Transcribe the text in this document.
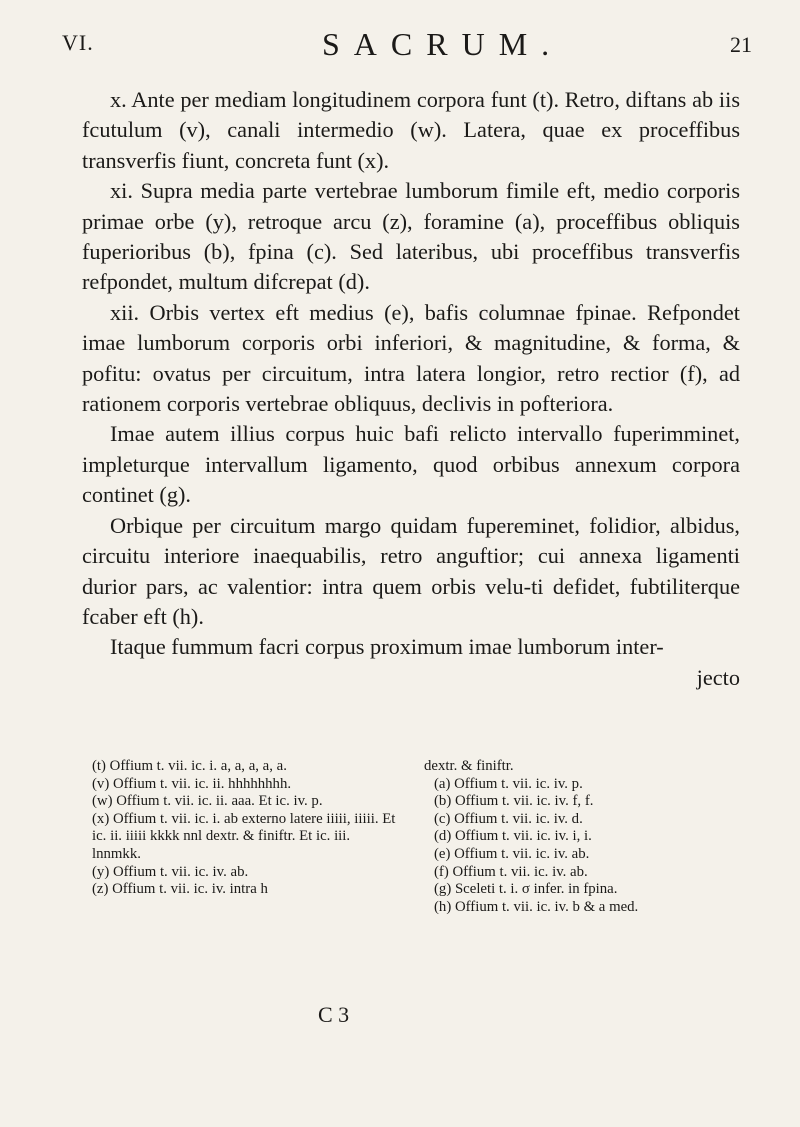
VI.	SACRUM.	21

x. Ante per mediam longitudinem corpora funt (t). Retro, diftans ab iis fcutulum (v), canali intermedio (w). Latera, quae ex proceffibus transverfis fiunt, concreta funt (x).

xi. Supra media parte vertebrae lumborum fimile eft, medio corporis primae orbe (y), retroque arcu (z), foramine (a), proceffibus obliquis fuperioribus (b), fpina (c). Sed lateribus, ubi proceffibus transverfis refpondet, multum difcrepat (d).

xii. Orbis vertex eft medius (e), bafis columnae fpinae. Refpondet imae lumborum corporis orbi inferiori, & magnitudine, & forma, & pofitu: ovatus per circuitum, intra latera longior, retro rectior (f), ad rationem corporis vertebrae obliquus, declivis in pofteriora.

Imae autem illius corpus huic bafi relicto intervallo fuperimminet, impleturque intervallum ligamento, quod orbibus annexum corpora continet (g).

Orbique per circuitum margo quidam fupereminet, folidior, albidus, circuitu interiore inaequabilis, retro anguftior; cui annexa ligamenti durior pars, ac valentior: intra quem orbis velu-ti defidet, fubtiliterque fcaber eft (h).

Itaque fummum facri corpus proximum imae lumborum inter-

jecto

(t) Offium t. vii. ic. i. a, a, a, a, a.

(v) Offium t. vii. ic. ii. hhhhhhhh.

(w) Offium t. vii. ic. ii. aaa. Et ic. iv. p.

(x) Offium t. vii. ic. i. ab externo latere iiiii, iiiii. Et ic. ii. iiiii kkkk nnl dextr. & finiftr. Et ic. iii. lnnmkk.

(y) Offium t. vii. ic. iv. ab.

(z) Offium t. vii. ic. iv. intra h

dextr. & finiftr.

(a) Offium t. vii. ic. iv. p.

(b) Offium t. vii. ic. iv. f, f.

(c) Offium t. vii. ic. iv. d.

(d) Offium t. vii. ic. iv. i, i.

(e) Offium t. vii. ic. iv. ab.

(f) Offium t. vii. ic. iv. ab.

(g) Sceleti t. i. σ infer. in fpina.

(h) Offium t. vii. ic. iv. b & a med.

C 3
